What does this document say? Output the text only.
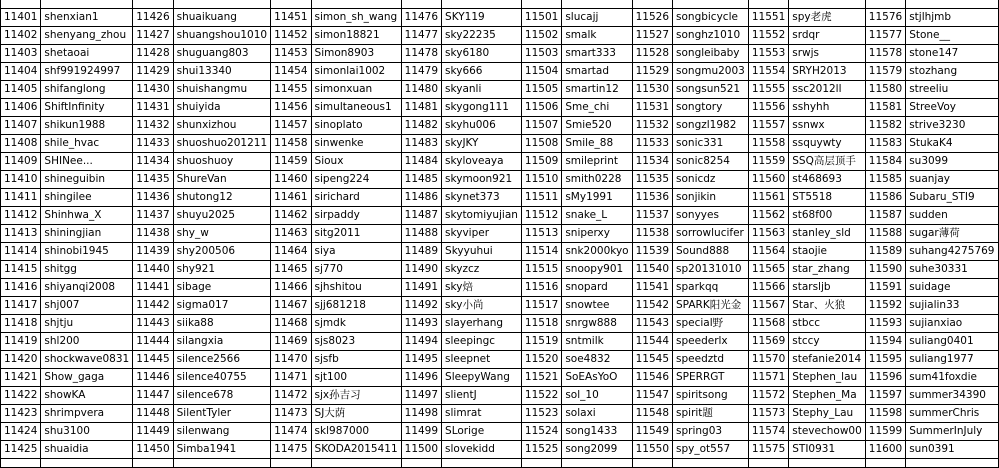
11401	shenxian1	11426	shuaikuang	11451	simon_sh_wang	11476	SKY119	11501	slucajj	11526	songbicycle	11551	spy老虎	11576	stjlhjmb
11402	shenyang_zhou	11427	shuangshou1010	11452	simon18821	11477	sky22235	11502	smalk	11527	songhz1010	11552	srdqr	11577	Stone__
11403	shetaoai	11428	shuguang803	11453	Simon8903	11478	sky6180	11503	smart333	11528	songleibaby	11553	srwjs	11578	stone147
11404	shf991924997	11429	shui13340	11454	simonlai1002	11479	sky666	11504	smartad	11529	songmu2003	11554	SRYH2013	11579	stozhang
11405	shifanglong	11430	shuishangmu	11455	simonxuan	11480	skyanli	11505	smartin12	11530	songsun521	11555	ssc2012ll	11580	streeliu
11406	ShiftInfinity	11431	shuiyida	11456	simultaneous1	11481	skygong111	11506	Sme_chi	11531	songtory	11556	sshyhh	11581	StreeVoy
11407	shikun1988	11432	shunxizhou	11457	sinoplato	11482	skyhu006	11507	Smie520	11532	songzl1982	11557	ssnwx	11582	strive3230
11408	shile_hvac	11433	shuoshuo201211	11458	sinwenke	11483	skyJKY	11508	Smile_88	11533	sonic331	11558	ssquywty	11583	StukaK4
11409	SHINee...	11434	shuoshuoy	11459	Sioux	11484	skyloveaya	11509	smileprint	11534	sonic8254	11559	SSQ高层顶手	11584	su3099
11410	shineguibin	11435	ShureVan	11460	sipeng224	11485	skymoon921	11510	smith0228	11535	sonicdz	11560	st468693	11585	suanjay
11411	shingilee	11436	shutong12	11461	sirichard	11486	skynet373	11511	sMy1991	11536	sonjikin	11561	ST5518	11586	Subaru_STI9
11412	Shinhwa_X	11437	shuyu2025	11462	sirpaddy	11487	skytomiyujian	11512	snake_L	11537	sonyyes	11562	st68f00	11587	sudden
11413	shiningjian	11438	shy_w	11463	sitg2011	11488	skyviper	11513	sniperxy	11538	sorrowlucifer	11563	stanley_sld	11588	sugar薄荷
11414	shinobi1945	11439	shy200506	11464	siya	11489	Skyyuhui	11514	snk2000kyo	11539	Sound888	11564	staojie	11589	suhang4275769
11415	shitgg	11440	shy921	11465	sj770	11490	skyzcz	11515	snoopy901	11540	sp20131010	11565	star_zhang	11590	suhe30331
11416	shiyanqi2008	11441	sibage	11466	sjhshitou	11491	sky焙	11516	snopard	11541	sparkqq	11566	starsljb	11591	suidage
11417	shj007	11442	sigma017	11467	sjj681218	11492	sky小尚	11517	snowtee	11542	SPARK阳光金	11567	Star、火狼	11592	sujialin33
11418	shjtju	11443	siika88	11468	sjmdk	11493	slayerhang	11518	snrgw888	11543	special野	11568	stbcc	11593	sujianxiao
11419	shl200	11444	silangxia	11469	sjs8023	11494	sleepingc	11519	sntmilk	11544	speederlx	11569	stccy	11594	suliang0401
11420	shockwave0831	11445	silence2566	11470	sjsfb	11495	sleepnet	11520	soe4832	11545	speedztd	11570	stefanie2014	11595	suliang1977
11421	Show_gaga	11446	silence40755	11471	sjt100	11496	SleepyWang	11521	SoEAsYoO	11546	SPERRGT	11571	Stephen_lau	11596	sum41foxdie
11422	showKA	11447	silence678	11472	sjx孙吉习	11497	slientJ	11522	sol_10	11547	spiritsong	11572	Stephen_Ma	11597	summer34390
11423	shrimpvera	11448	SilentTyler	11473	SJ大荫	11498	slimrat	11523	solaxi	11548	spirit题	11573	Stephy_Lau	11598	summerChris
11424	shu3100	11449	silenwang	11474	skl987000	11499	SLorige	11524	song1433	11549	spring03	11574	stevechow00	11599	SummerInJuly
11425	shuaidia	11450	Simba1941	11475	SKODA2015411	11500	slovekidd	11525	song2099	11550	spy_ot557	11575	STI0931	11600	sun0391
